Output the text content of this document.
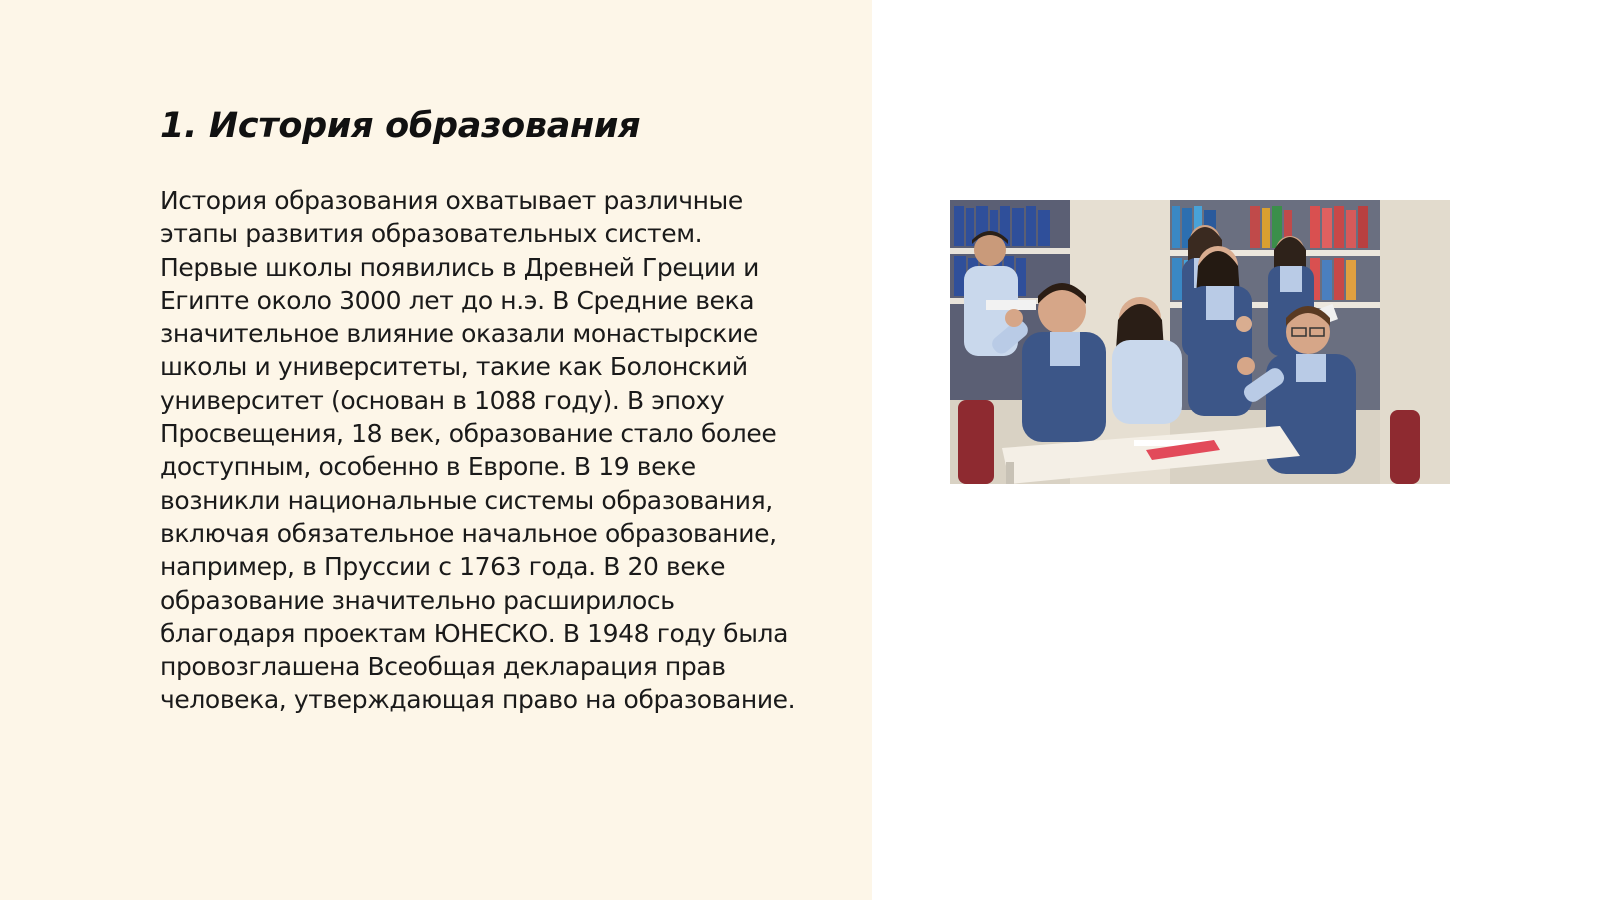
1. История образования

История образования охватывает различные
этапы развития образовательных систем.
Первые школы появились в Древней Греции и
Египте около 3000 лет до н.э. В Средние века
значительное влияние оказали монастырские
школы и университеты, такие как Болонский
университет (основан в 1088 году). В эпоху
Просвещения, 18 век, образование стало более
доступным, особенно в Европе. В 19 веке
возникли национальные системы образования,
включая обязательное начальное образование,
например, в Пруссии с 1763 года. В 20 веке
образование значительно расширилось
благодаря проектам ЮНЕСКО. В 1948 году была
провозглашена Всеобщая декларация прав
человека, утверждающая право на образование.
